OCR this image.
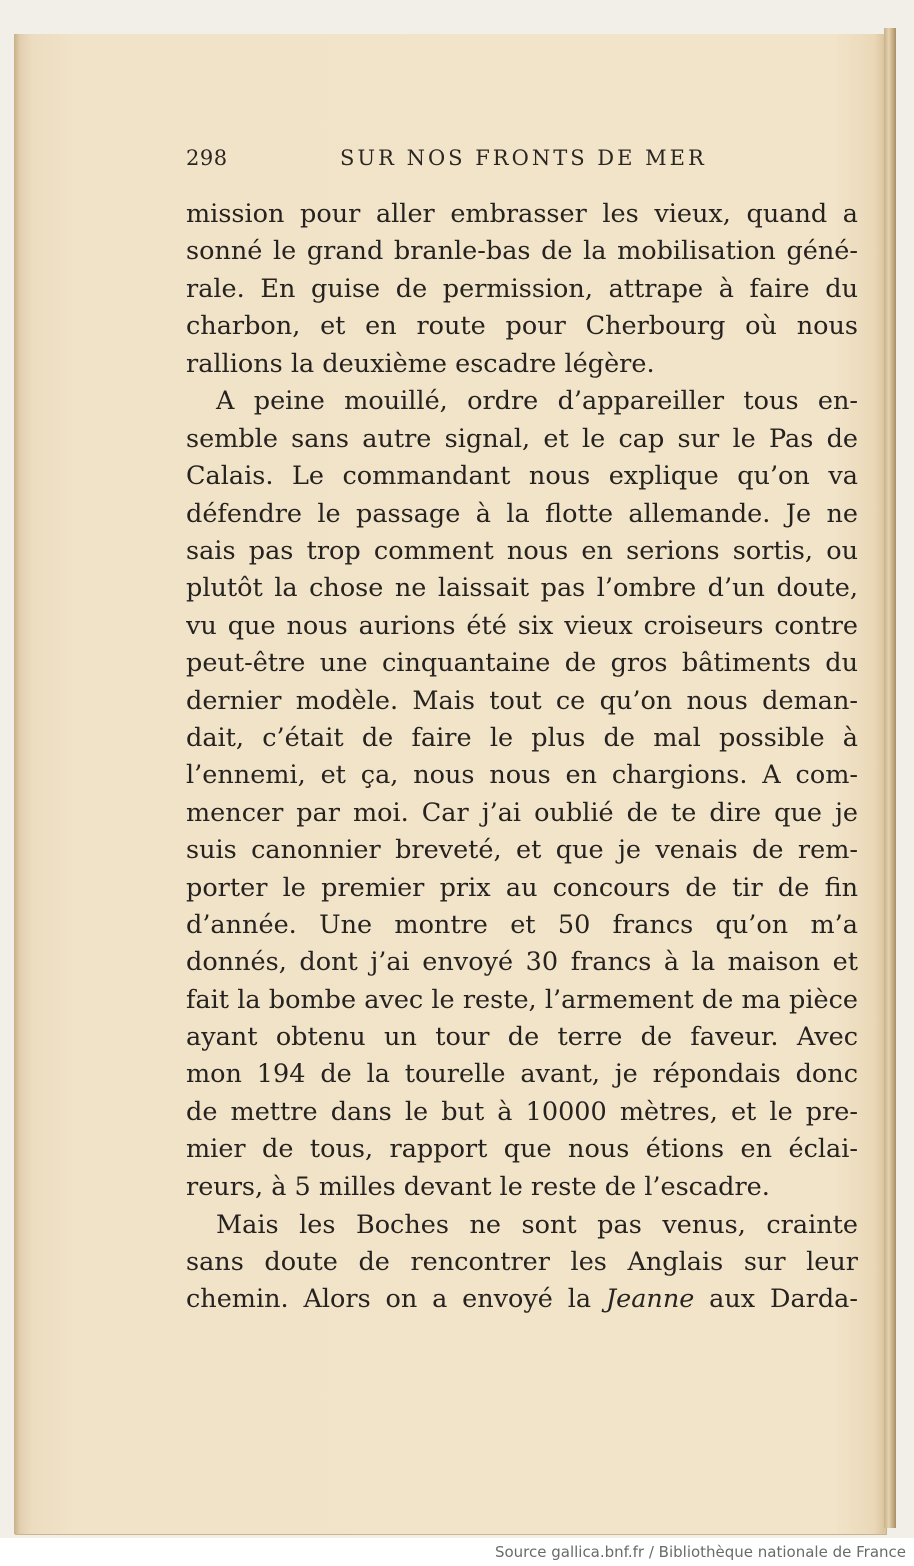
298	SUR NOS FRONTS DE MER
mission pour aller embrasser les vieux, quand a
sonné le grand branle-bas de la mobilisation géné-
rale. En guise de permission, attrape à faire du
charbon, et en route pour Cherbourg où nous
rallions la deuxième escadre légère.
A peine mouillé, ordre d’appareiller tous en-
semble sans autre signal, et le cap sur le Pas de
Calais. Le commandant nous explique qu’on va
défendre le passage à la flotte allemande. Je ne
sais pas trop comment nous en serions sortis, ou
plutôt la chose ne laissait pas l’ombre d’un doute,
vu que nous aurions été six vieux croiseurs contre
peut-être une cinquantaine de gros bâtiments du
dernier modèle. Mais tout ce qu’on nous deman-
dait, c’était de faire le plus de mal possible à
l’ennemi, et ça, nous nous en chargions. A com-
mencer par moi. Car j’ai oublié de te dire que je
suis canonnier breveté, et que je venais de rem-
porter le premier prix au concours de tir de fin
d’année. Une montre et 50 francs qu’on m’a
donnés, dont j’ai envoyé 30 francs à la maison et
fait la bombe avec le reste, l’armement de ma pièce
ayant obtenu un tour de terre de faveur. Avec
mon 194 de la tourelle avant, je répondais donc
de mettre dans le but à 10000 mètres, et le pre-
mier de tous, rapport que nous étions en éclai-
reurs, à 5 milles devant le reste de l’escadre.
Mais les Boches ne sont pas venus, crainte
sans doute de rencontrer les Anglais sur leur
chemin. Alors on a envoyé la Jeanne aux Darda-
Source gallica.bnf.fr / Bibliothèque nationale de France
